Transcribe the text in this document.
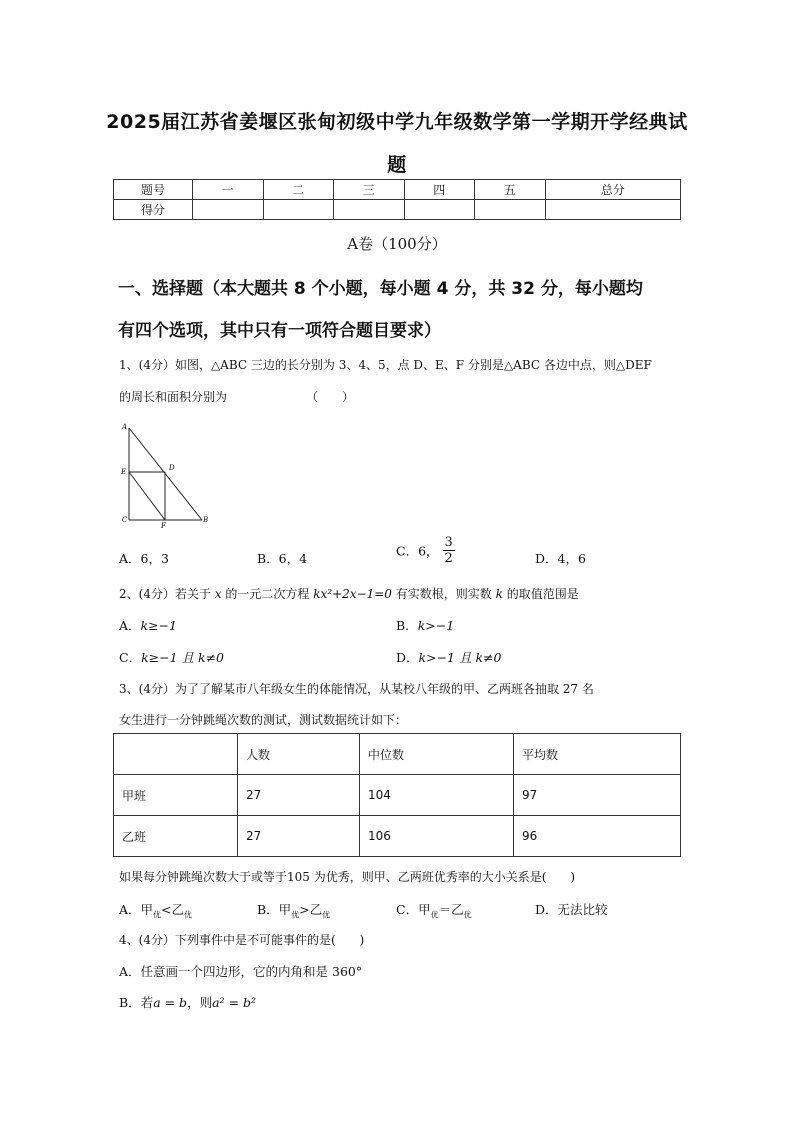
2025届江苏省姜堰区张甸初级中学九年级数学第一学期开学经典试
题
题号	一	二	三	四	五	总分
得分						
A卷（100分）
一、选择题（本大题共 8 个小题，每小题 4 分，共 32 分，每小题均
有四个选项，其中只有一项符合题目要求）
1、(4分）如图，△ABC 三边的长分别为 3、4、5，点 D、E、F 分别是△ABC 各边中点，则△DEF
的周长和面积分别为	（　　）
A
E	D
C
F
B
A．6，3	B．6，4	C．6， $\frac{3}{2}$	D．4，6
2、(4分）若关于 x 的一元二次方程 kx²+2x−1=0 有实数根，则实数 k 的取值范围是
A．k≥−1	B．k>−1
C．k≥−1 且 k≠0	D．k>−1 且 k≠0
3、(4分）为了了解某市八年级女生的体能情况，从某校八年级的甲、乙两班各抽取 27 名
女生进行一分钟跳绳次数的测试，测试数据统计如下：
	人数	中位数	平均数
甲班	27	104	97
乙班	27	106	96
如果每分钟跳绳次数大于或等于105 为优秀，则甲、乙两班优秀率的大小关系是(　　)
A．甲$_优$<乙$_优$	B．甲$_优$>乙$_优$	C．甲$_优$＝乙$_优$	D．无法比较
4、(4分）下列事件中是不可能事件的是(　　)
A．任意画一个四边形，它的内角和是 360°
B．若a = b，则a² = b²
